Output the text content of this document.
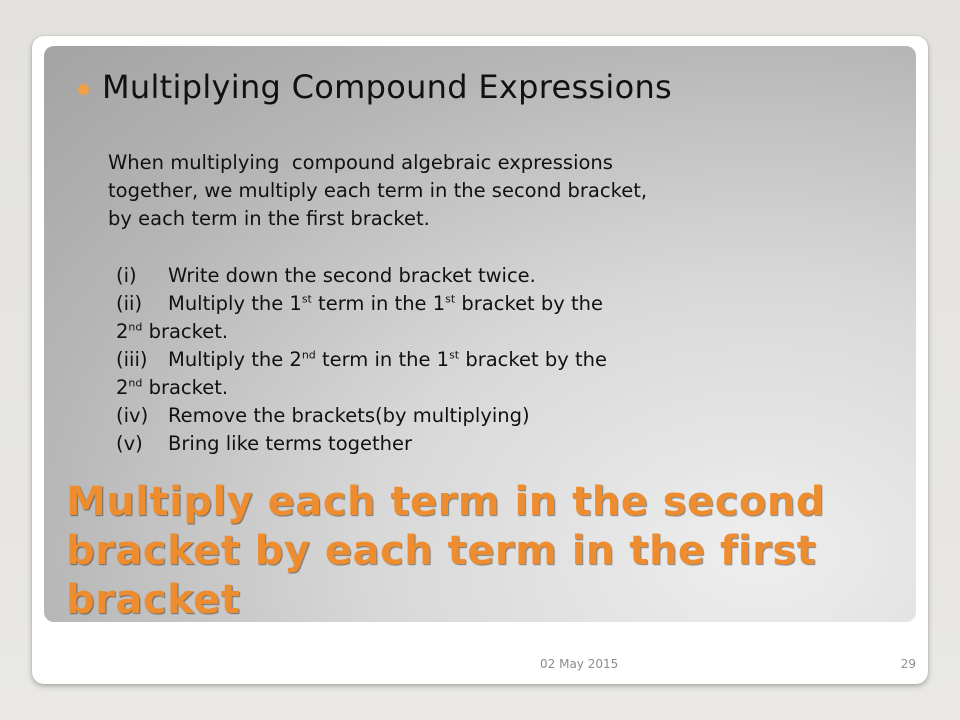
Multiplying Compound Expressions
When multiplying  compound algebraic expressions
together, we multiply each term in the second bracket,
by each term in the first bracket.
(i) Write down the second bracket twice.
(ii) Multiply the 1st term in the 1st bracket by the
2nd bracket.
(iii) Multiply the 2nd term in the 1st bracket by the
2nd bracket.
(iv) Remove the brackets(by multiplying)
(v) Bring like terms together
Multiply each term in the second bracket by each term in the first bracket
02 May 2015	29
